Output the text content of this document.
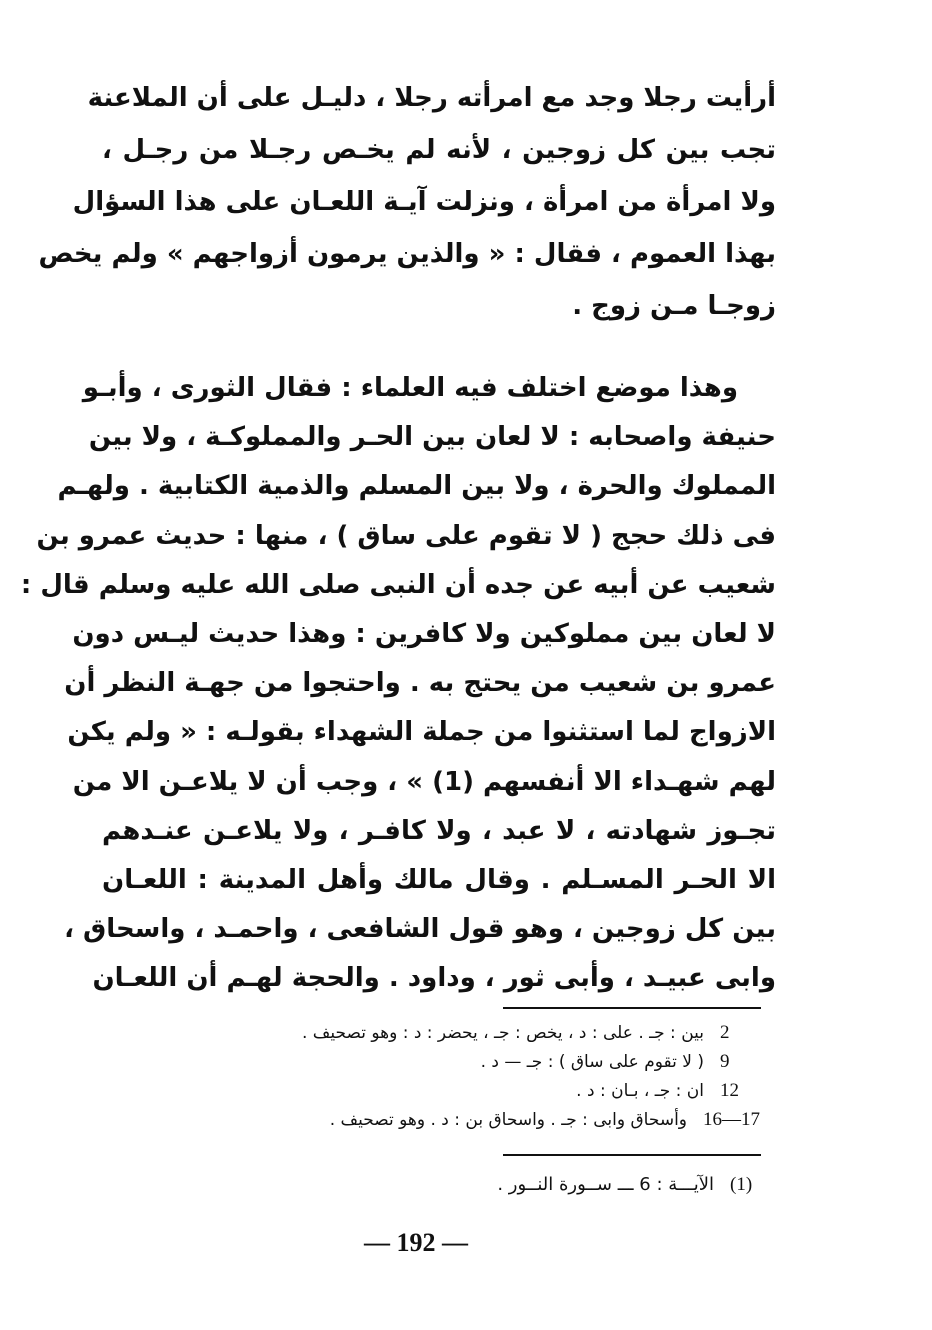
أرأيت رجلا وجد مع امرأته رجلا ، دليـل على أن الملاعنة
تجب بين كل زوجين ، لأنه لم يخـص رجـلا من رجـل ،
ولا امرأة من امرأة ، ونزلت آيـة اللعـان على هذا السؤال
بهذا العموم ، فقال : « والذين يرمون أزواجهم » ولم يخص
زوجـا مـن زوج .
وهذا موضع اختلف فيه العلماء : فقال الثورى ، وأبـو
حنيفة واصحابه : لا لعان بين الحـر والمملوكـة ، ولا بين
المملوك والحرة ، ولا بين المسلم والذمية الكتابية . ولهـم
فى ذلك حجج ( لا تقوم على ساق ) ، منها : حديث عمرو بن
شعيب عن أبيه عن جده أن النبى صلى الله عليه وسلم قال :
لا لعان بين مملوكين ولا كافرين : وهذا حديث ليـس دون
عمرو بن شعيب من يحتج به . واحتجوا من جهـة النظر أن
الازواج لما استثنوا من جملة الشهداء بقولـه : « ولم يكن
لهم شهـداء الا أنفسهم (1) » ، وجب أن لا يلاعـن الا من
تجـوز شهادته ، لا عبد ، ولا كافـر ، ولا يلاعـن عنـدهم
الا الحـر المسـلم . وقال مالك وأهل المدينة : اللعـان
بين كل زوجين ، وهو قول الشافعى ، واحمـد ، واسحاق ،
وابى عبيـد ، وأبى ثور ، وداود . والحجة لهـم أن اللعـان
2بين : جـ . على : د ، يخص : جـ ، يحضر : د : وهو تصحيف .
9( لا تقوم على ساق ) : جـ — د .
12ان : جـ ، بـان : د .
16—17وأسحاق وابى : جـ . واسحاق بن : د . وهو تصحيف .
(1)الآيـــة : 6 ـــ ســورة النــور .
— 192 —
